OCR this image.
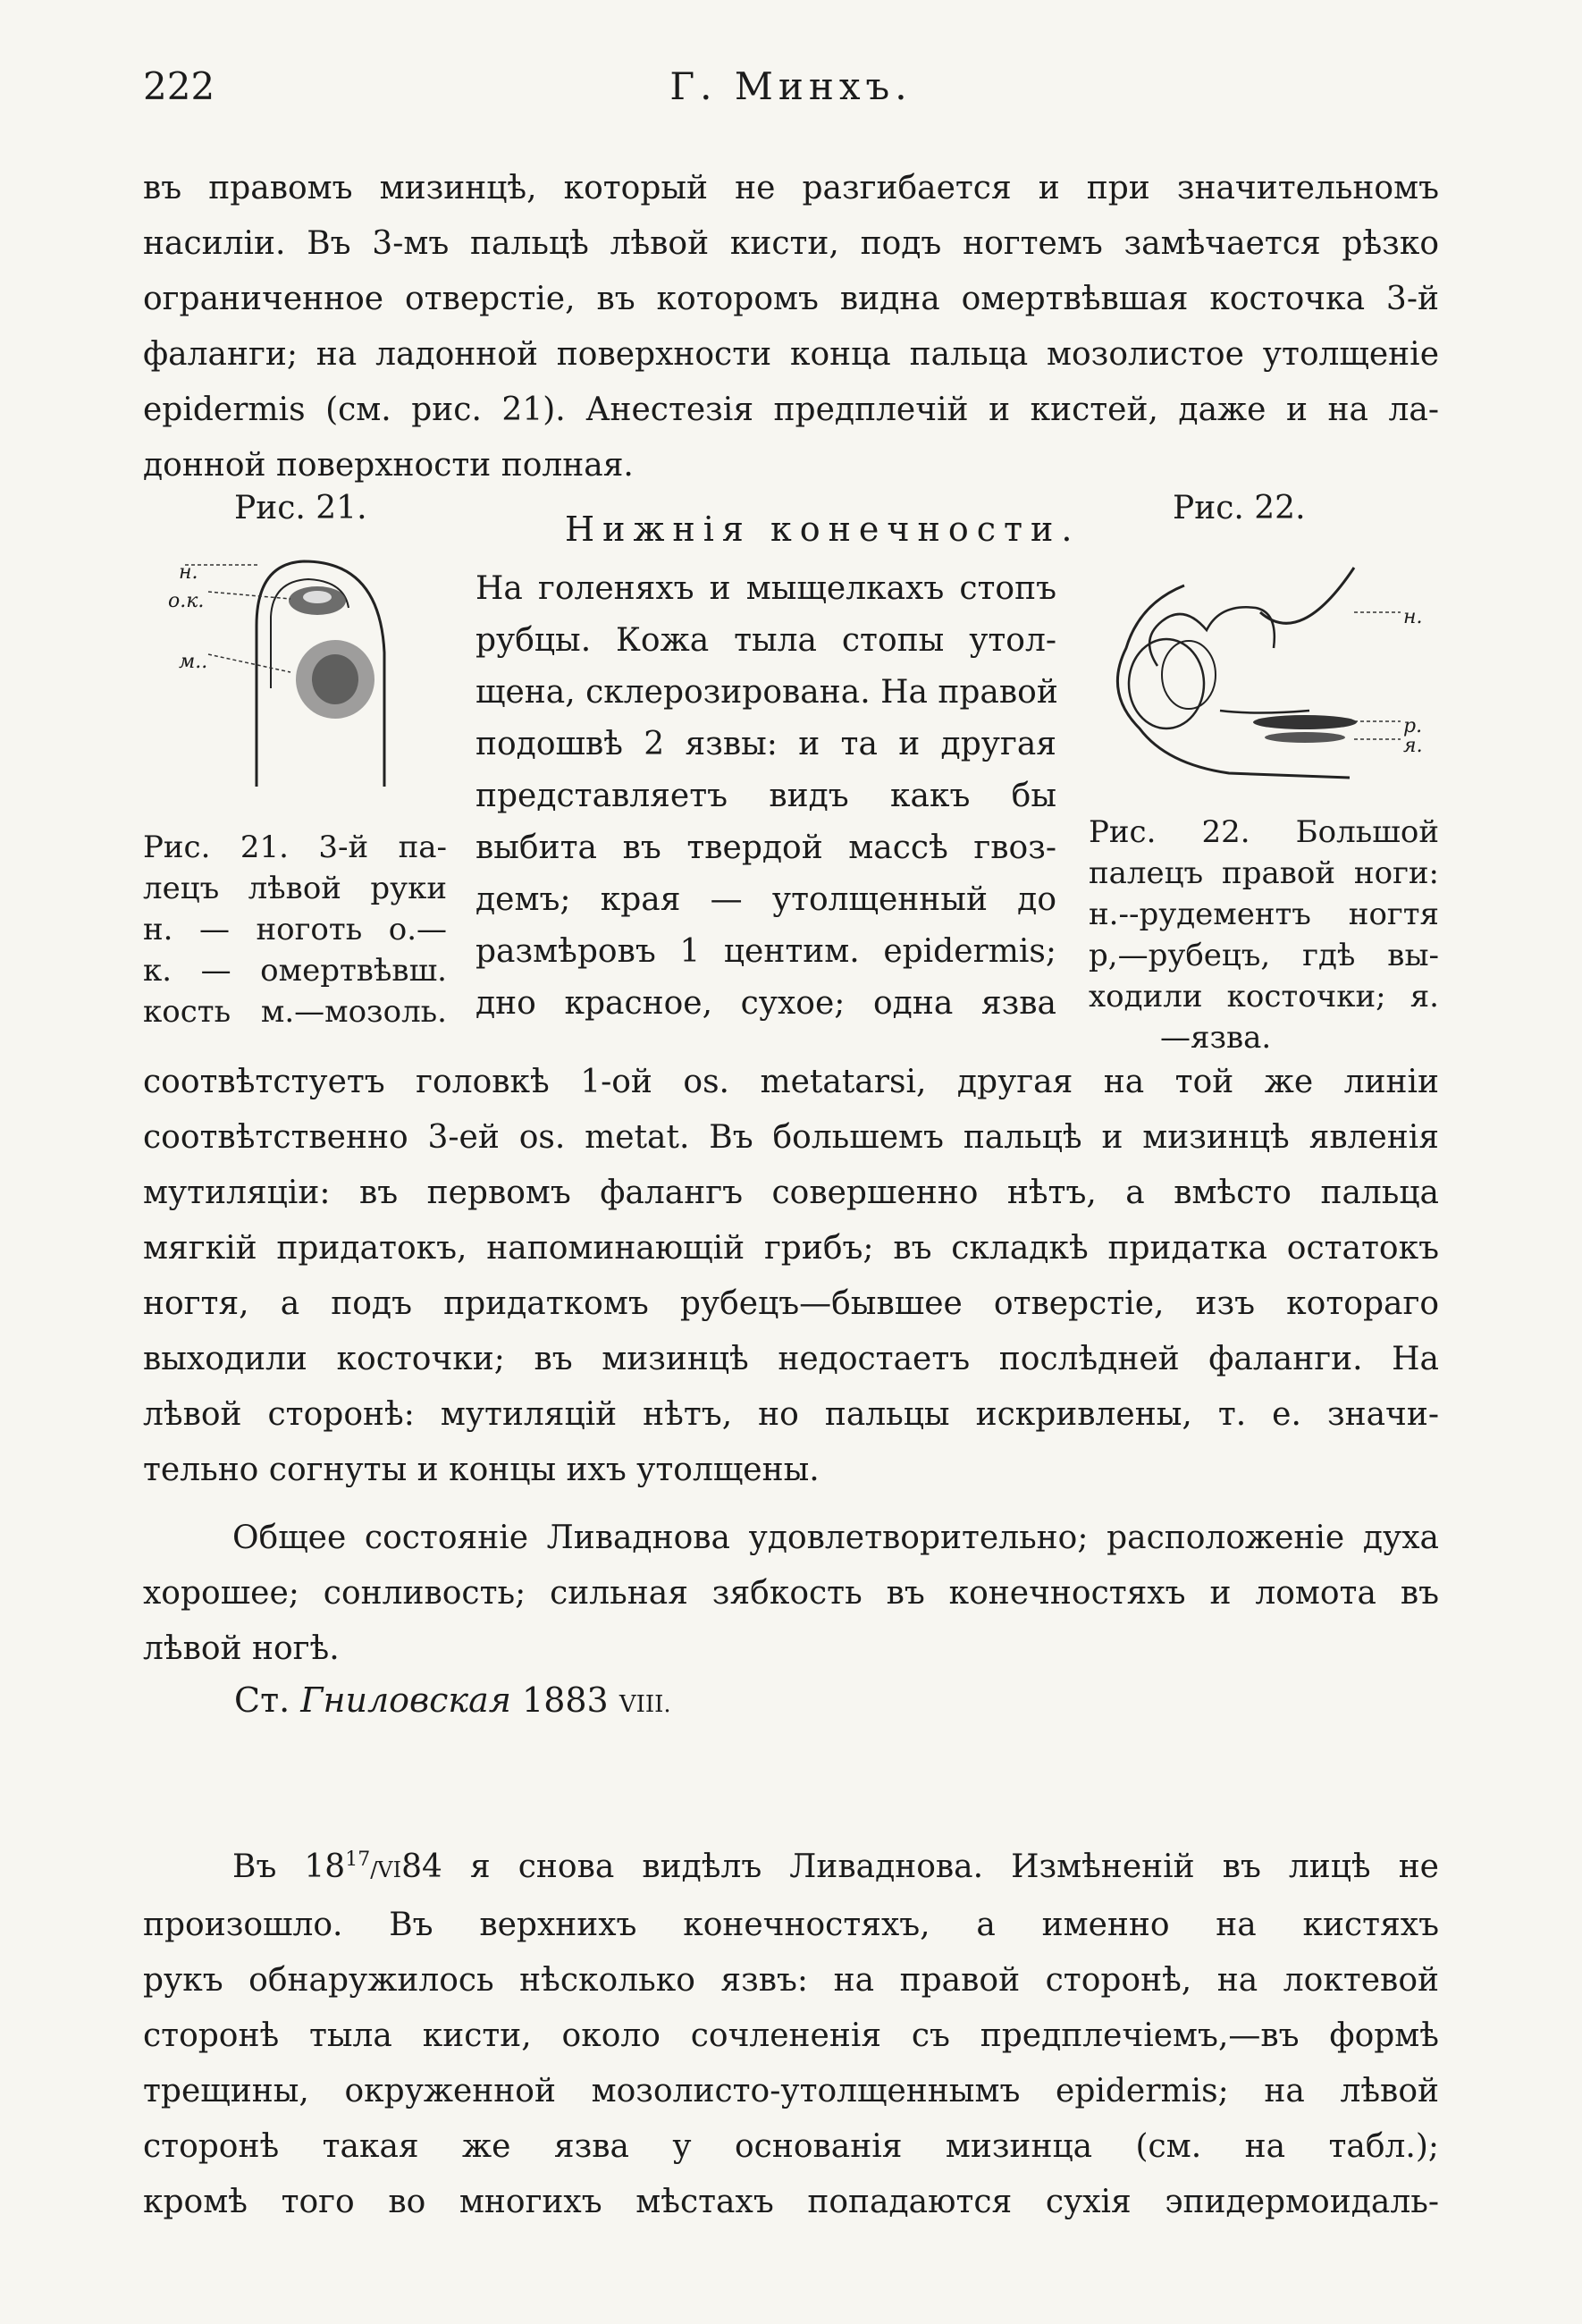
222	Г. Минхъ.

въ правомъ мизинцѣ, который не разгибается и при значительномъ
насилiи. Въ 3-мъ пальцѣ лѣвой кисти, подъ ногтемъ замѣчается рѣзко
ограниченное отверстiе, въ которомъ видна омертвѣвшая косточка 3-й
фаланги; на ладонной поверхности конца пальца мозолистое утолщенiе
epidermis (см. рис. 21). Анестезiя предплечiй и кистей, даже и на ла-
донной поверхности полная.

Рис. 21.
н.
о.к.
м..
Рис. 21. 3-й па-
лецъ лѣвой руки
н. — ноготь о.—
к. — омертвѣвш.
кость м.—мозоль.
Нижнiя конечности.
На голеняхъ и мыщелкахъ стопъ
рубцы. Кожа тыла стопы утол-
щена, склерозирована. На правой
подошвѣ 2 язвы: и та и другая
представляетъ видъ какъ бы
выбита въ твердой массѣ гвоз-
демъ; края — утолщенный до
размѣровъ 1 центим. epidermis;
дно красное, сухое; одна язва
Рис. 22.
н.
р.
я.
Рис. 22. Большой
палецъ правой ноги:
н.--рудементъ ногтя
р,—рубецъ, гдѣ вы-
ходили косточки; я.
—язва.

соотвѣтстуетъ головкѣ 1-ой os. metatarsi, другая на той же линiи
соотвѣтственно 3-ей os. metat. Въ большемъ пальцѣ и мизинцѣ явленiя
мутиляцiи: въ первомъ фалангъ совершенно нѣтъ, а вмѣсто пальца
мягкiй придатокъ, напоминающiй грибъ; въ складкѣ придатка остатокъ
ногтя, а подъ придаткомъ рубецъ—бывшее отверстiе, изъ котораго
выходили косточки; въ мизинцѣ недостаетъ послѣдней фаланги. На
лѣвой сторонѣ: мутиляцiй нѣтъ, но пальцы искривлены, т. е. значи-
тельно согнуты и концы ихъ утолщены.

Общее состоянiе Ливаднова удовлетворительно; расположенiе духа
хорошее; сонливость; сильная зябкость въ конечностяхъ и ломота въ
лѣвой ногѣ.

Ст. Гниловская 1883 VIII.

Въ $18^{17}/VI84$ я снова видѣлъ Ливаднова. Измѣненiй въ лицѣ не
произошло. Въ верхнихъ конечностяхъ, а именно на кистяхъ
рукъ обнаружилось нѣсколько язвъ: на правой сторонѣ, на локтевой
сторонѣ тыла кисти, около сочлененiя съ предплечiемъ,—въ формѣ
трещины, окруженной мозолисто-утолщеннымъ epidermis; на лѣвой
сторонѣ такая же язва у основанiя мизинца (см. на табл.);
кромѣ того во многихъ мѣстахъ попадаются сухiя эпидермоидаль-
